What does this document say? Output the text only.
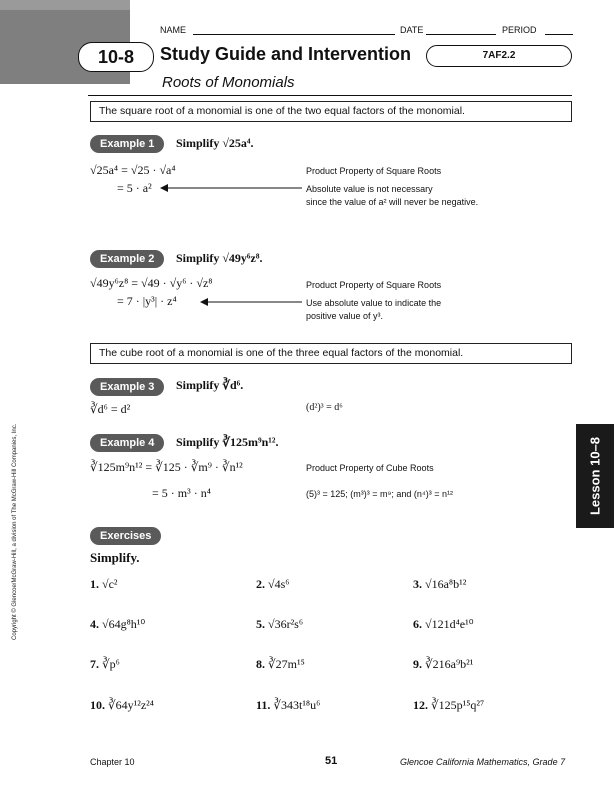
NAME	DATE	PERIOD
10-8	Study Guide and Intervention	7AF2.2
Roots of Monomials
The square root of a monomial is one of the two equal factors of the monomial.
Example 1	Simplify √25a⁴.
√25a⁴ = √25 · √a⁴
= 5 · a²
Product Property of Square Roots
Absolute value is not necessary
since the value of a² will never be negative.
Example 2	Simplify √49y⁶z⁸.
√49y⁶z⁸ = √49 · √y⁶ · √z⁸
= 7 · |y³| · z⁴
Product Property of Square Roots
Use absolute value to indicate the
positive value of y³.
The cube root of a monomial is one of the three equal factors of the monomial.
Example 3	Simplify ∛d⁶.
∛d⁶ = d²	(d²)³ = d⁶
Example 4	Simplify ∛125m⁹n¹².
∛125m⁹n¹² = ∛125 · ∛m⁹ · ∛n¹²
= 5 · m³ · n⁴
Product Property of Cube Roots
(5)³ = 125; (m³)³ = m⁹; and (n⁴)³ = n¹²
Exercises
Simplify.
1. √c²	2. √4s⁶	3. √16a⁸b¹²
4. √64g⁸h¹⁰	5. √36r²s⁶	6. √121d⁴e¹⁰
7. ∛p⁶	8. ∛27m¹⁵	9. ∛216a⁹b²¹
10. ∛64y¹²z²⁴	11. ∛343t¹⁸u⁶	12. ∛125p¹⁵q²⁷
Lesson 10–8
Copyright © Glencoe/McGraw-Hill, a division of The McGraw-Hill Companies, Inc.
Chapter 10	51	Glencoe California Mathematics, Grade 7
